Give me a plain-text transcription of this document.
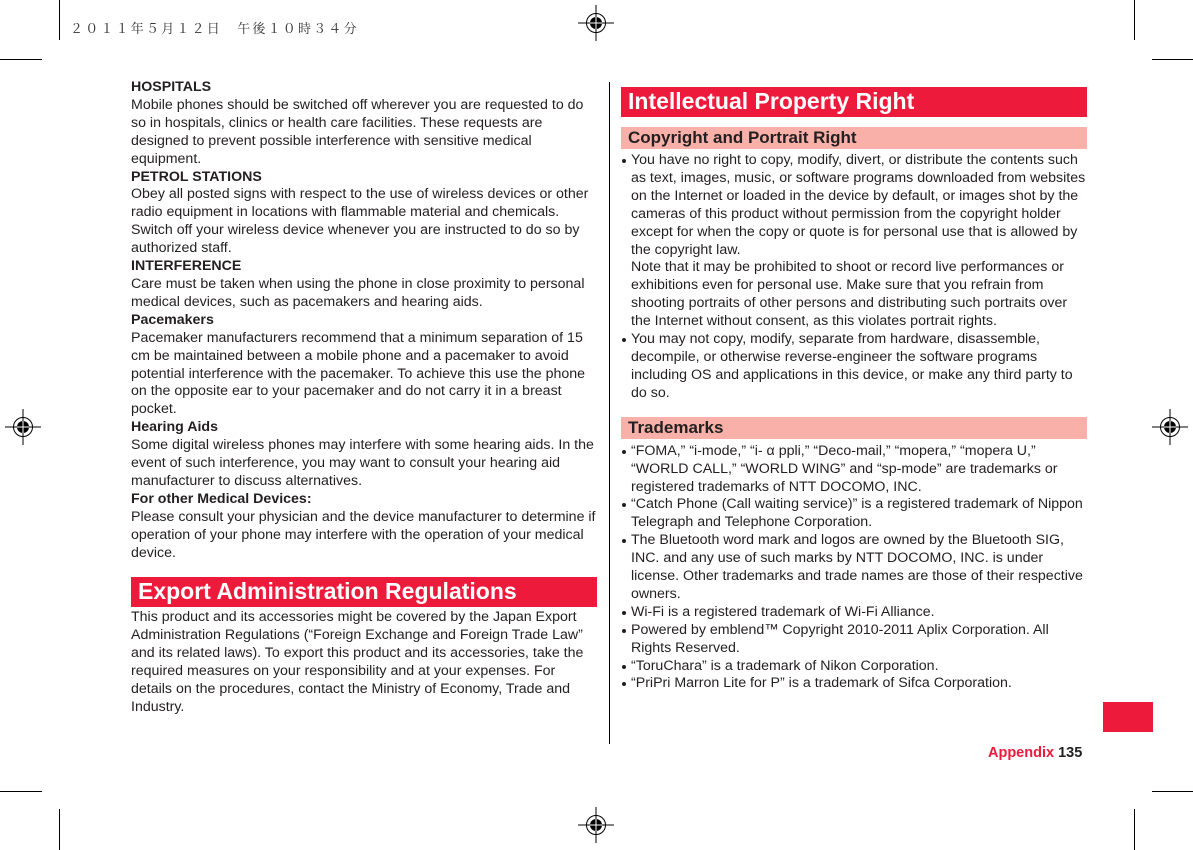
２０１１年５月１２日　午後１０時３４分

HOSPITALS

Mobile phones should be switched off wherever you are requested to do so in hospitals, clinics or health care facilities. These requests are designed to prevent possible interference with sensitive medical equipment.

PETROL STATIONS

Obey all posted signs with respect to the use of wireless devices or other radio equipment in locations with flammable material and chemicals. Switch off your wireless device whenever you are instructed to do so by authorized staff.

INTERFERENCE

Care must be taken when using the phone in close proximity to personal medical devices, such as pacemakers and hearing aids.

Pacemakers

Pacemaker manufacturers recommend that a minimum separation of 15 cm be maintained between a mobile phone and a pacemaker to avoid potential interference with the pacemaker. To achieve this use the phone on the opposite ear to your pacemaker and do not carry it in a breast pocket.

Hearing Aids

Some digital wireless phones may interfere with some hearing aids. In the event of such interference, you may want to consult your hearing aid manufacturer to discuss alternatives.

For other Medical Devices:

Please consult your physician and the device manufacturer to determine if operation of your phone may interfere with the operation of your medical device.

Export Administration Regulations

This product and its accessories might be covered by the Japan Export Administration Regulations (“Foreign Exchange and Foreign Trade Law” and its related laws). To export this product and its accessories, take the required measures on your responsibility and at your expenses. For details on the procedures, contact the Ministry of Economy, Trade and Industry.

Intellectual Property Right
Copyright and Portrait Right

You have no right to copy, modify, divert, or distribute the contents such as text, images, music, or software programs downloaded from websites on the Internet or loaded in the device by default, or images shot by the cameras of this product without permission from the copyright holder except for when the copy or quote is for personal use that is allowed by the copyright law.

Note that it may be prohibited to shoot or record live performances or exhibitions even for personal use. Make sure that you refrain from shooting portraits of other persons and distributing such portraits over the Internet without consent, as this violates portrait rights.

You may not copy, modify, separate from hardware, disassemble, decompile, or otherwise reverse-engineer the software programs including OS and applications in this device, or make any third party to do so.

Trademarks
“FOMA,” “i-mode,” “i- α ppli,” “Deco-mail,” “mopera,” “mopera U,” “WORLD CALL,” “WORLD WING” and “sp-mode” are trademarks or registered trademarks of NTT DOCOMO, INC.
“Catch Phone (Call waiting service)” is a registered trademark of Nippon Telegraph and Telephone Corporation.
The Bluetooth word mark and logos are owned by the Bluetooth SIG, INC. and any use of such marks by NTT DOCOMO, INC. is under license. Other trademarks and trade names are those of their respective owners.
Wi-Fi is a registered trademark of Wi-Fi Alliance.
Powered by emblend™ Copyright 2010-2011 Aplix Corporation. All Rights Reserved.
“ToruChara” is a trademark of Nikon Corporation.
“PriPri Marron Lite for P” is a trademark of Sifca Corporation.
Appendix 135
